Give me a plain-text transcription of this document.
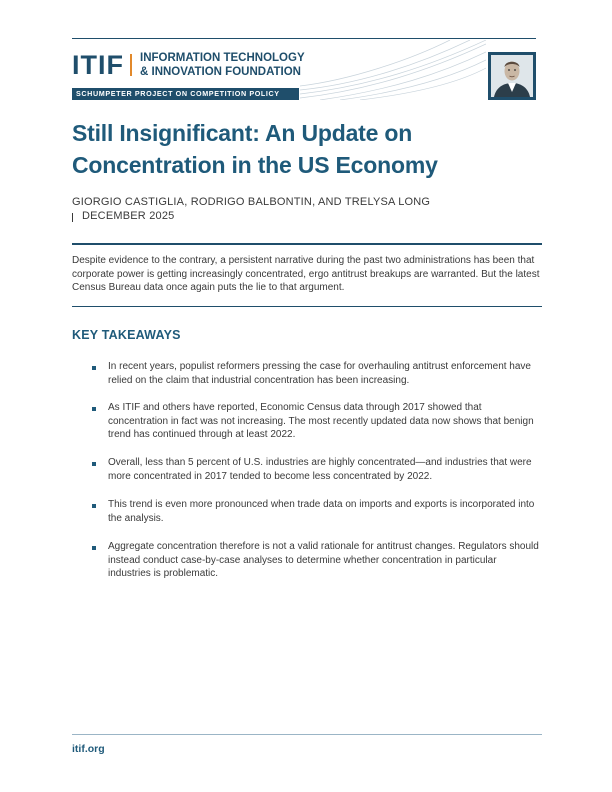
ITIF INFORMATION TECHNOLOGY
& INNOVATION FOUNDATION
SCHUMPETER PROJECT ON COMPETITION POLICY
Still Insignificant: An Update on
Concentration in the US Economy
GIORGIO CASTIGLIA, RODRIGO BALBONTIN, AND TRELYSA LONG
DECEMBER 2025
Despite evidence to the contrary, a persistent narrative during the past two administrations has been that corporate power is getting increasingly concentrated, ergo antitrust breakups are warranted. But the latest Census Bureau data once again puts the lie to that argument.
KEY TAKEAWAYS
In recent years, populist reformers pressing the case for overhauling antitrust enforcement have relied on the claim that industrial concentration has been increasing.
As ITIF and others have reported, Economic Census data through 2017 showed that concentration in fact was not increasing. The most recently updated data now shows that benign trend has continued through at least 2022.
Overall, less than 5 percent of U.S. industries are highly concentrated—and industries that were more concentrated in 2017 tended to become less concentrated by 2022.
This trend is even more pronounced when trade data on imports and exports is incorporated into the analysis.
Aggregate concentration therefore is not a valid rationale for antitrust changes. Regulators should instead conduct case-by-case analyses to determine whether concentration in particular industries is problematic.
itif.org
